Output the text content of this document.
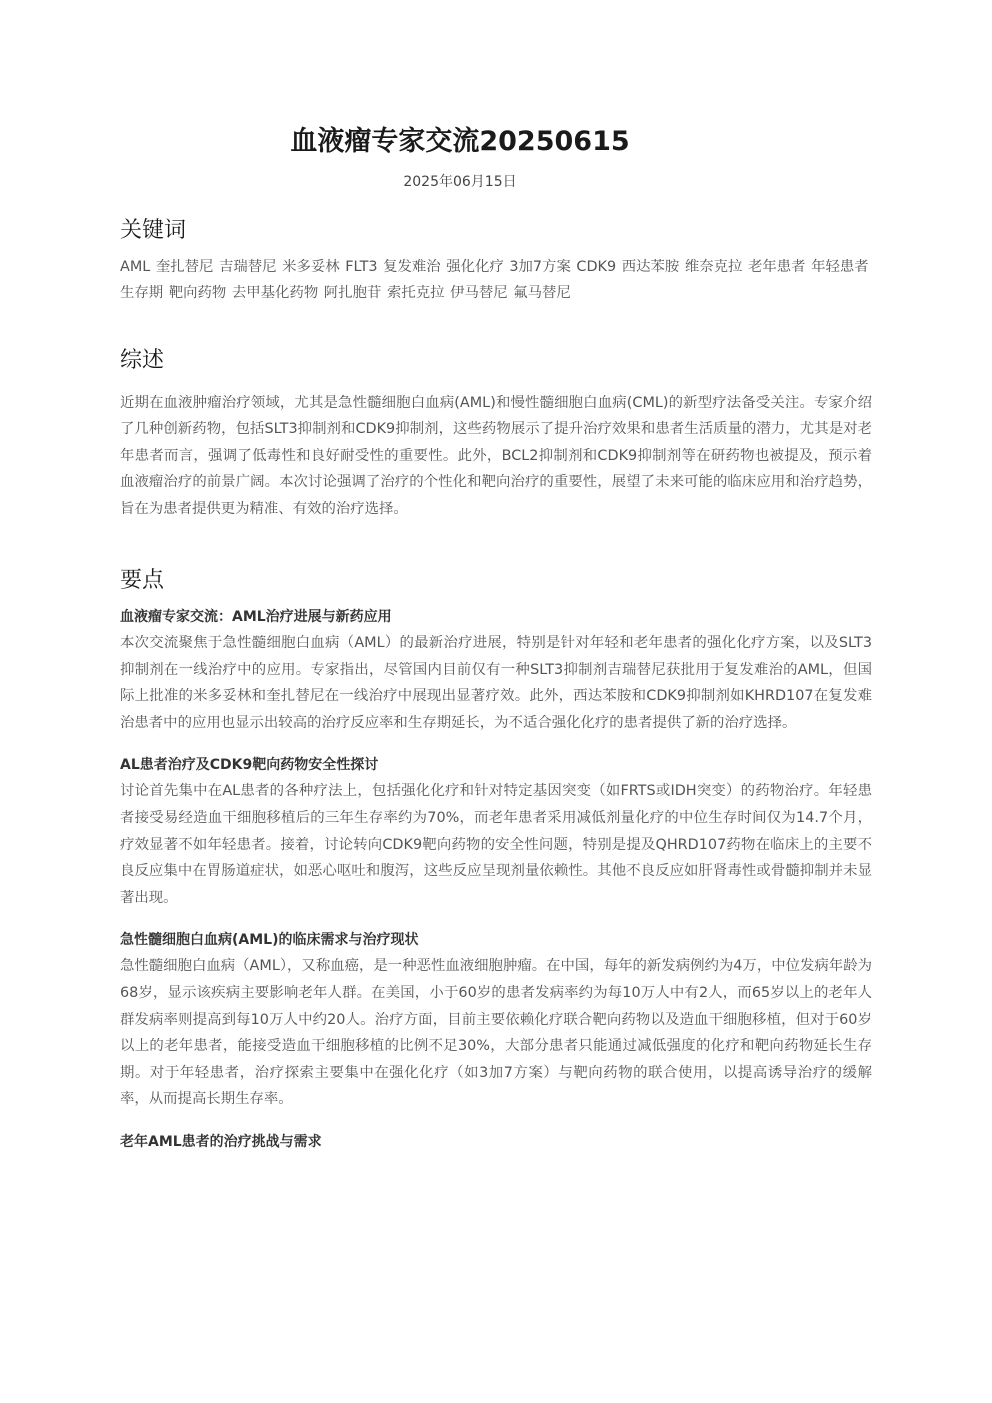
血液瘤专家交流20250615
2025年06月15日
关键词

AML 奎扎替尼 吉瑞替尼 米多妥林 FLT3 复发难治 强化化疗 3加7方案 CDK9 西达苯胺 维奈克拉 老年患者 年轻患者 生存期 靶向药物 去甲基化药物 阿扎胞苷 索托克拉 伊马替尼 氟马替尼

综述

近期在血液肿瘤治疗领域，尤其是急性髓细胞白血病(AML)和慢性髓细胞白血病(CML)的新型疗法备受关注。专家介绍了几种创新药物，包括SLT3抑制剂和CDK9抑制剂，这些药物展示了提升治疗效果和患者生活质量的潜力，尤其是对老年患者而言，强调了低毒性和良好耐受性的重要性。此外，BCL2抑制剂和CDK9抑制剂等在研药物也被提及，预示着血液瘤治疗的前景广阔。本次讨论强调了治疗的个性化和靶向治疗的重要性，展望了未来可能的临床应用和治疗趋势，旨在为患者提供更为精准、有效的治疗选择。

要点

血液瘤专家交流：AML治疗进展与新药应用

本次交流聚焦于急性髓细胞白血病（AML）的最新治疗进展，特别是针对年轻和老年患者的强化化疗方案，以及SLT3抑制剂在一线治疗中的应用。专家指出，尽管国内目前仅有一种SLT3抑制剂吉瑞替尼获批用于复发难治的AML，但国际上批准的米多妥林和奎扎替尼在一线治疗中展现出显著疗效。此外，西达苯胺和CDK9抑制剂如KHRD107在复发难治患者中的应用也显示出较高的治疗反应率和生存期延长，为不适合强化化疗的患者提供了新的治疗选择。

AL患者治疗及CDK9靶向药物安全性探讨

讨论首先集中在AL患者的各种疗法上，包括强化化疗和针对特定基因突变（如FRTS或IDH突变）的药物治疗。年轻患者接受易经造血干细胞移植后的三年生存率约为70%，而老年患者采用减低剂量化疗的中位生存时间仅为14.7个月，疗效显著不如年轻患者。接着，讨论转向CDK9靶向药物的安全性问题，特别是提及QHRD107药物在临床上的主要不良反应集中在胃肠道症状，如恶心呕吐和腹泻，这些反应呈现剂量依赖性。其他不良反应如肝肾毒性或骨髓抑制并未显著出现。

急性髓细胞白血病(AML)的临床需求与治疗现状

急性髓细胞白血病（AML），又称血癌，是一种恶性血液细胞肿瘤。在中国，每年的新发病例约为4万，中位发病年龄为68岁，显示该疾病主要影响老年人群。在美国，小于60岁的患者发病率约为每10万人中有2人，而65岁以上的老年人群发病率则提高到每10万人中约20人。治疗方面，目前主要依赖化疗联合靶向药物以及造血干细胞移植，但对于60岁以上的老年患者，能接受造血干细胞移植的比例不足30%，大部分患者只能通过减低强度的化疗和靶向药物延长生存期。对于年轻患者，治疗探索主要集中在强化化疗（如3加7方案）与靶向药物的联合使用，以提高诱导治疗的缓解率，从而提高长期生存率。

老年AML患者的治疗挑战与需求
